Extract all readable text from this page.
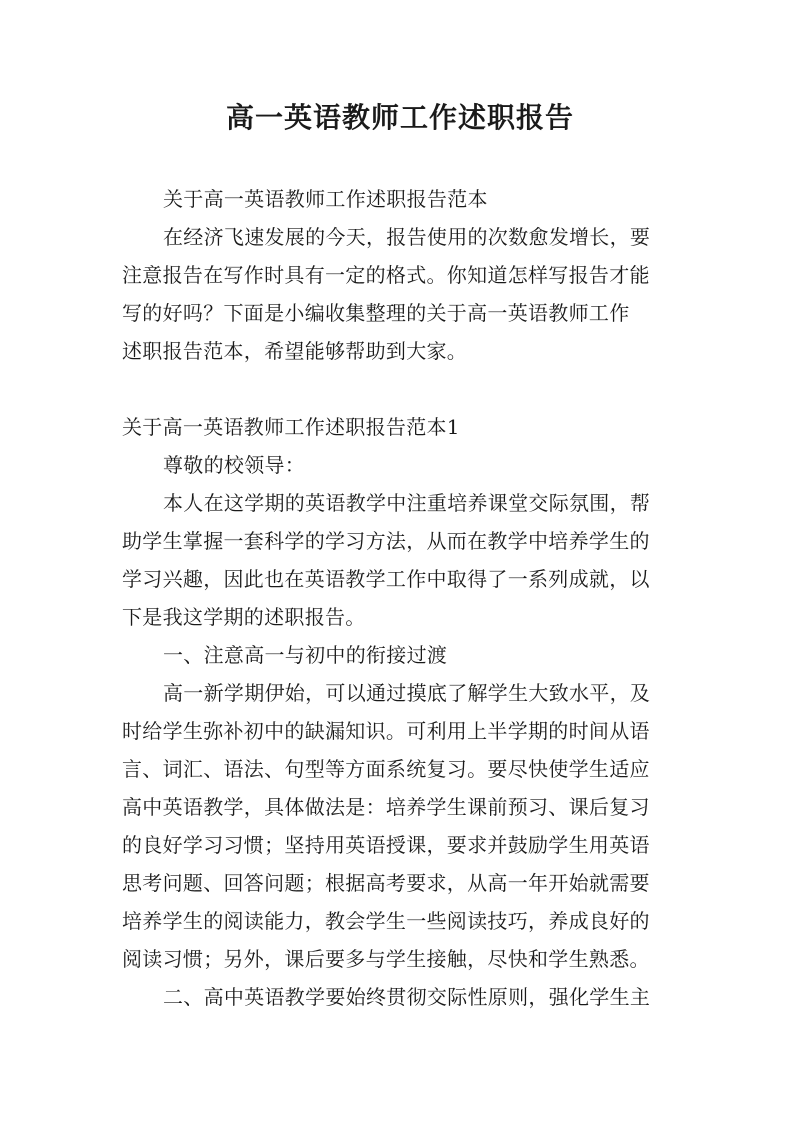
高一英语教师工作述职报告
关于高一英语教师工作述职报告范本
在经济飞速发展的今天，报告使用的次数愈发增长，要
注意报告在写作时具有一定的格式。你知道怎样写报告才能
写的好吗？下面是小编收集整理的关于高一英语教师工作
述职报告范本，希望能够帮助到大家。
关于高一英语教师工作述职报告范本1
尊敬的校领导：
本人在这学期的英语教学中注重培养课堂交际氛围，帮
助学生掌握一套科学的学习方法，从而在教学中培养学生的
学习兴趣，因此也在英语教学工作中取得了一系列成就，以
下是我这学期的述职报告。
一、注意高一与初中的衔接过渡
高一新学期伊始，可以通过摸底了解学生大致水平，及
时给学生弥补初中的缺漏知识。可利用上半学期的时间从语
言、词汇、语法、句型等方面系统复习。要尽快使学生适应
高中英语教学，具体做法是：培养学生课前预习、课后复习
的良好学习习惯；坚持用英语授课，要求并鼓励学生用英语
思考问题、回答问题；根据高考要求，从高一年开始就需要
培养学生的阅读能力，教会学生一些阅读技巧，养成良好的
阅读习惯；另外，课后要多与学生接触，尽快和学生熟悉。
二、高中英语教学要始终贯彻交际性原则，强化学生主
